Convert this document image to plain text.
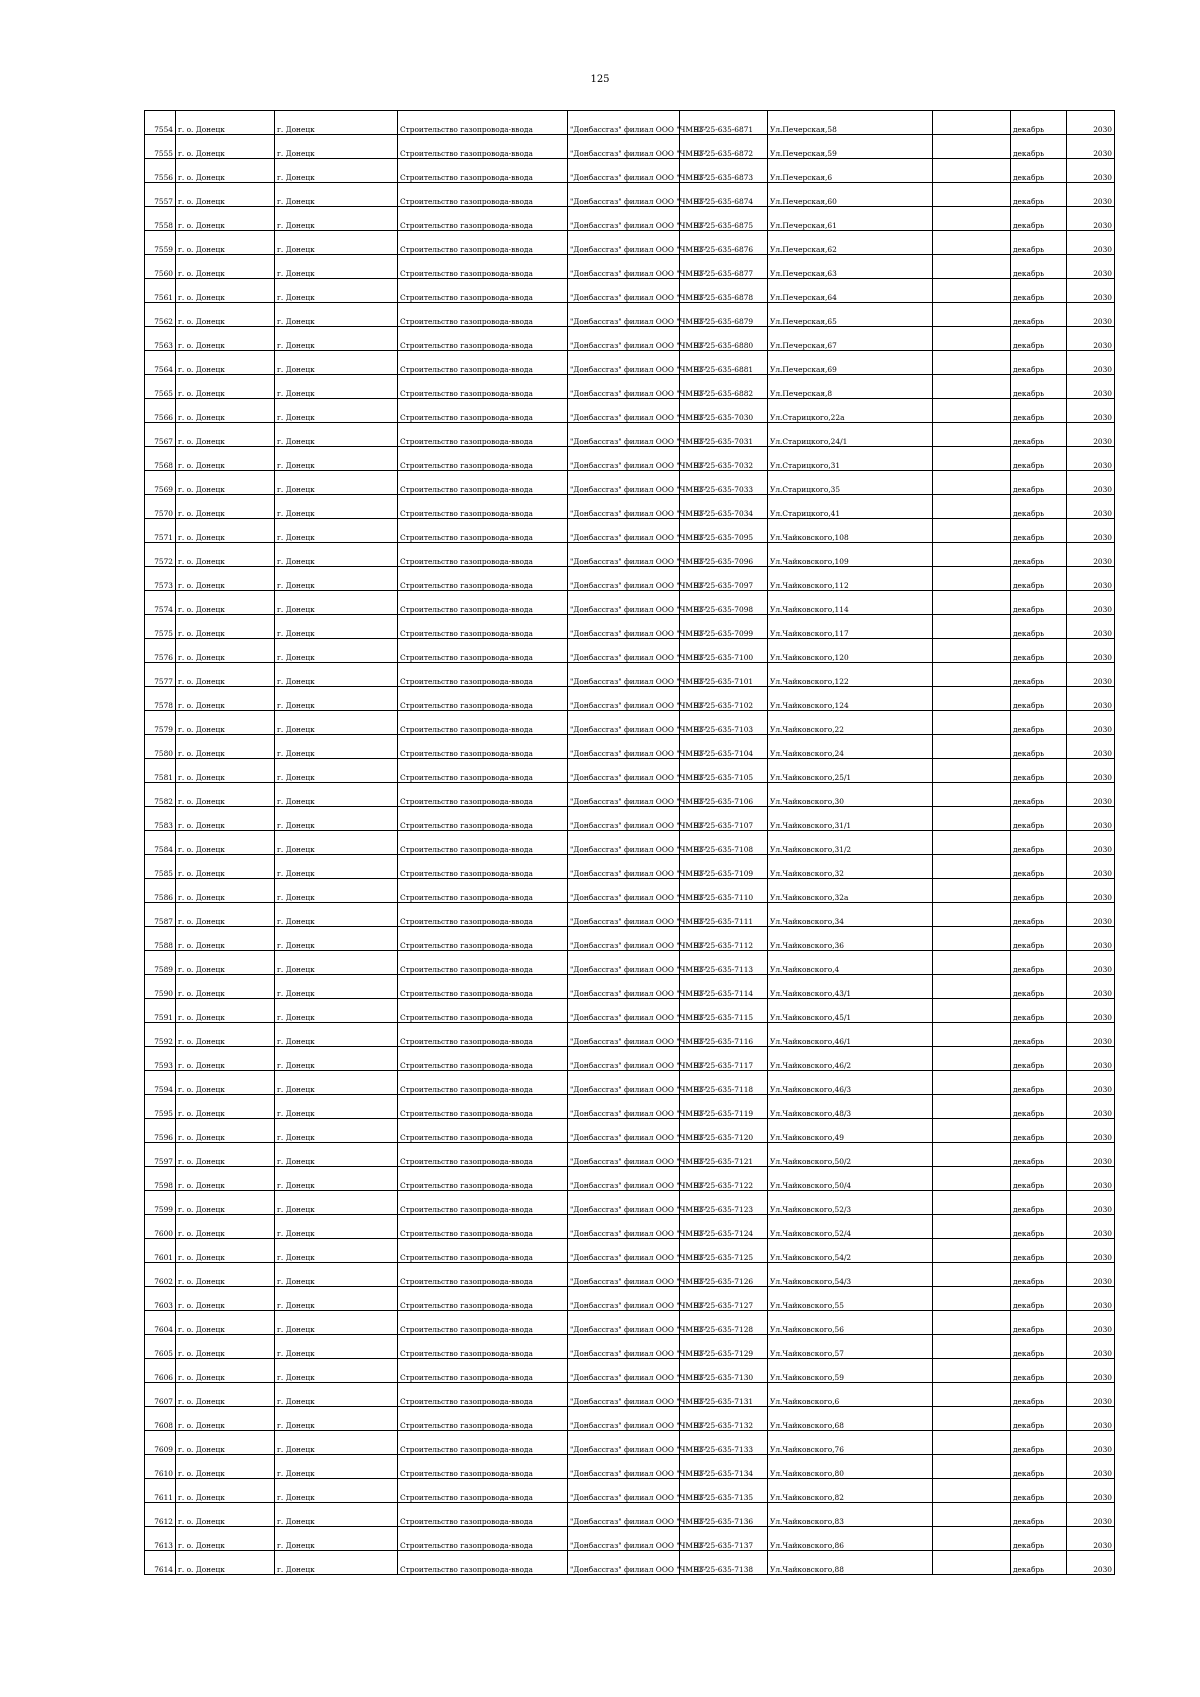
125
7554	г. о. Донецк	г. Донецк	Строительство газопровода-ввода	"Донбассгаз" филиал ООО "ЧМНГ"	93-25-635-6871	Ул.Печерская,58		декабрь	2030
7555	г. о. Донецк	г. Донецк	Строительство газопровода-ввода	"Донбассгаз" филиал ООО "ЧМНГ"	93-25-635-6872	Ул.Печерская,59		декабрь	2030
7556	г. о. Донецк	г. Донецк	Строительство газопровода-ввода	"Донбассгаз" филиал ООО "ЧМНГ"	93-25-635-6873	Ул.Печерская,6		декабрь	2030
7557	г. о. Донецк	г. Донецк	Строительство газопровода-ввода	"Донбассгаз" филиал ООО "ЧМНГ"	93-25-635-6874	Ул.Печерская,60		декабрь	2030
7558	г. о. Донецк	г. Донецк	Строительство газопровода-ввода	"Донбассгаз" филиал ООО "ЧМНГ"	93-25-635-6875	Ул.Печерская,61		декабрь	2030
7559	г. о. Донецк	г. Донецк	Строительство газопровода-ввода	"Донбассгаз" филиал ООО "ЧМНГ"	93-25-635-6876	Ул.Печерская,62		декабрь	2030
7560	г. о. Донецк	г. Донецк	Строительство газопровода-ввода	"Донбассгаз" филиал ООО "ЧМНГ"	93-25-635-6877	Ул.Печерская,63		декабрь	2030
7561	г. о. Донецк	г. Донецк	Строительство газопровода-ввода	"Донбассгаз" филиал ООО "ЧМНГ"	93-25-635-6878	Ул.Печерская,64		декабрь	2030
7562	г. о. Донецк	г. Донецк	Строительство газопровода-ввода	"Донбассгаз" филиал ООО "ЧМНГ"	93-25-635-6879	Ул.Печерская,65		декабрь	2030
7563	г. о. Донецк	г. Донецк	Строительство газопровода-ввода	"Донбассгаз" филиал ООО "ЧМНГ"	93-25-635-6880	Ул.Печерская,67		декабрь	2030
7564	г. о. Донецк	г. Донецк	Строительство газопровода-ввода	"Донбассгаз" филиал ООО "ЧМНГ"	93-25-635-6881	Ул.Печерская,69		декабрь	2030
7565	г. о. Донецк	г. Донецк	Строительство газопровода-ввода	"Донбассгаз" филиал ООО "ЧМНГ"	93-25-635-6882	Ул.Печерская,8		декабрь	2030
7566	г. о. Донецк	г. Донецк	Строительство газопровода-ввода	"Донбассгаз" филиал ООО "ЧМНГ"	93-25-635-7030	Ул.Старицкого,22а		декабрь	2030
7567	г. о. Донецк	г. Донецк	Строительство газопровода-ввода	"Донбассгаз" филиал ООО "ЧМНГ"	93-25-635-7031	Ул.Старицкого,24/1		декабрь	2030
7568	г. о. Донецк	г. Донецк	Строительство газопровода-ввода	"Донбассгаз" филиал ООО "ЧМНГ"	93-25-635-7032	Ул.Старицкого,31		декабрь	2030
7569	г. о. Донецк	г. Донецк	Строительство газопровода-ввода	"Донбассгаз" филиал ООО "ЧМНГ"	93-25-635-7033	Ул.Старицкого,35		декабрь	2030
7570	г. о. Донецк	г. Донецк	Строительство газопровода-ввода	"Донбассгаз" филиал ООО "ЧМНГ"	93-25-635-7034	Ул.Старицкого,41		декабрь	2030
7571	г. о. Донецк	г. Донецк	Строительство газопровода-ввода	"Донбассгаз" филиал ООО "ЧМНГ"	93-25-635-7095	Ул.Чайковского,108		декабрь	2030
7572	г. о. Донецк	г. Донецк	Строительство газопровода-ввода	"Донбассгаз" филиал ООО "ЧМНГ"	93-25-635-7096	Ул.Чайковского,109		декабрь	2030
7573	г. о. Донецк	г. Донецк	Строительство газопровода-ввода	"Донбассгаз" филиал ООО "ЧМНГ"	93-25-635-7097	Ул.Чайковского,112		декабрь	2030
7574	г. о. Донецк	г. Донецк	Строительство газопровода-ввода	"Донбассгаз" филиал ООО "ЧМНГ"	93-25-635-7098	Ул.Чайковского,114		декабрь	2030
7575	г. о. Донецк	г. Донецк	Строительство газопровода-ввода	"Донбассгаз" филиал ООО "ЧМНГ"	93-25-635-7099	Ул.Чайковского,117		декабрь	2030
7576	г. о. Донецк	г. Донецк	Строительство газопровода-ввода	"Донбассгаз" филиал ООО "ЧМНГ"	93-25-635-7100	Ул.Чайковского,120		декабрь	2030
7577	г. о. Донецк	г. Донецк	Строительство газопровода-ввода	"Донбассгаз" филиал ООО "ЧМНГ"	93-25-635-7101	Ул.Чайковского,122		декабрь	2030
7578	г. о. Донецк	г. Донецк	Строительство газопровода-ввода	"Донбассгаз" филиал ООО "ЧМНГ"	93-25-635-7102	Ул.Чайковского,124		декабрь	2030
7579	г. о. Донецк	г. Донецк	Строительство газопровода-ввода	"Донбассгаз" филиал ООО "ЧМНГ"	93-25-635-7103	Ул.Чайковского,22		декабрь	2030
7580	г. о. Донецк	г. Донецк	Строительство газопровода-ввода	"Донбассгаз" филиал ООО "ЧМНГ"	93-25-635-7104	Ул.Чайковского,24		декабрь	2030
7581	г. о. Донецк	г. Донецк	Строительство газопровода-ввода	"Донбассгаз" филиал ООО "ЧМНГ"	93-25-635-7105	Ул.Чайковского,25/1		декабрь	2030
7582	г. о. Донецк	г. Донецк	Строительство газопровода-ввода	"Донбассгаз" филиал ООО "ЧМНГ"	93-25-635-7106	Ул.Чайковского,30		декабрь	2030
7583	г. о. Донецк	г. Донецк	Строительство газопровода-ввода	"Донбассгаз" филиал ООО "ЧМНГ"	93-25-635-7107	Ул.Чайковского,31/1		декабрь	2030
7584	г. о. Донецк	г. Донецк	Строительство газопровода-ввода	"Донбассгаз" филиал ООО "ЧМНГ"	93-25-635-7108	Ул.Чайковского,31/2		декабрь	2030
7585	г. о. Донецк	г. Донецк	Строительство газопровода-ввода	"Донбассгаз" филиал ООО "ЧМНГ"	93-25-635-7109	Ул.Чайковского,32		декабрь	2030
7586	г. о. Донецк	г. Донецк	Строительство газопровода-ввода	"Донбассгаз" филиал ООО "ЧМНГ"	93-25-635-7110	Ул.Чайковского,32а		декабрь	2030
7587	г. о. Донецк	г. Донецк	Строительство газопровода-ввода	"Донбассгаз" филиал ООО "ЧМНГ"	93-25-635-7111	Ул.Чайковского,34		декабрь	2030
7588	г. о. Донецк	г. Донецк	Строительство газопровода-ввода	"Донбассгаз" филиал ООО "ЧМНГ"	93-25-635-7112	Ул.Чайковского,36		декабрь	2030
7589	г. о. Донецк	г. Донецк	Строительство газопровода-ввода	"Донбассгаз" филиал ООО "ЧМНГ"	93-25-635-7113	Ул.Чайковского,4		декабрь	2030
7590	г. о. Донецк	г. Донецк	Строительство газопровода-ввода	"Донбассгаз" филиал ООО "ЧМНГ"	93-25-635-7114	Ул.Чайковского,43/1		декабрь	2030
7591	г. о. Донецк	г. Донецк	Строительство газопровода-ввода	"Донбассгаз" филиал ООО "ЧМНГ"	93-25-635-7115	Ул.Чайковского,45/1		декабрь	2030
7592	г. о. Донецк	г. Донецк	Строительство газопровода-ввода	"Донбассгаз" филиал ООО "ЧМНГ"	93-25-635-7116	Ул.Чайковского,46/1		декабрь	2030
7593	г. о. Донецк	г. Донецк	Строительство газопровода-ввода	"Донбассгаз" филиал ООО "ЧМНГ"	93-25-635-7117	Ул.Чайковского,46/2		декабрь	2030
7594	г. о. Донецк	г. Донецк	Строительство газопровода-ввода	"Донбассгаз" филиал ООО "ЧМНГ"	93-25-635-7118	Ул.Чайковского,46/3		декабрь	2030
7595	г. о. Донецк	г. Донецк	Строительство газопровода-ввода	"Донбассгаз" филиал ООО "ЧМНГ"	93-25-635-7119	Ул.Чайковского,48/3		декабрь	2030
7596	г. о. Донецк	г. Донецк	Строительство газопровода-ввода	"Донбассгаз" филиал ООО "ЧМНГ"	93-25-635-7120	Ул.Чайковского,49		декабрь	2030
7597	г. о. Донецк	г. Донецк	Строительство газопровода-ввода	"Донбассгаз" филиал ООО "ЧМНГ"	93-25-635-7121	Ул.Чайковского,50/2		декабрь	2030
7598	г. о. Донецк	г. Донецк	Строительство газопровода-ввода	"Донбассгаз" филиал ООО "ЧМНГ"	93-25-635-7122	Ул.Чайковского,50/4		декабрь	2030
7599	г. о. Донецк	г. Донецк	Строительство газопровода-ввода	"Донбассгаз" филиал ООО "ЧМНГ"	93-25-635-7123	Ул.Чайковского,52/3		декабрь	2030
7600	г. о. Донецк	г. Донецк	Строительство газопровода-ввода	"Донбассгаз" филиал ООО "ЧМНГ"	93-25-635-7124	Ул.Чайковского,52/4		декабрь	2030
7601	г. о. Донецк	г. Донецк	Строительство газопровода-ввода	"Донбассгаз" филиал ООО "ЧМНГ"	93-25-635-7125	Ул.Чайковского,54/2		декабрь	2030
7602	г. о. Донецк	г. Донецк	Строительство газопровода-ввода	"Донбассгаз" филиал ООО "ЧМНГ"	93-25-635-7126	Ул.Чайковского,54/3		декабрь	2030
7603	г. о. Донецк	г. Донецк	Строительство газопровода-ввода	"Донбассгаз" филиал ООО "ЧМНГ"	93-25-635-7127	Ул.Чайковского,55		декабрь	2030
7604	г. о. Донецк	г. Донецк	Строительство газопровода-ввода	"Донбассгаз" филиал ООО "ЧМНГ"	93-25-635-7128	Ул.Чайковского,56		декабрь	2030
7605	г. о. Донецк	г. Донецк	Строительство газопровода-ввода	"Донбассгаз" филиал ООО "ЧМНГ"	93-25-635-7129	Ул.Чайковского,57		декабрь	2030
7606	г. о. Донецк	г. Донецк	Строительство газопровода-ввода	"Донбассгаз" филиал ООО "ЧМНГ"	93-25-635-7130	Ул.Чайковского,59		декабрь	2030
7607	г. о. Донецк	г. Донецк	Строительство газопровода-ввода	"Донбассгаз" филиал ООО "ЧМНГ"	93-25-635-7131	Ул.Чайковского,6		декабрь	2030
7608	г. о. Донецк	г. Донецк	Строительство газопровода-ввода	"Донбассгаз" филиал ООО "ЧМНГ"	93-25-635-7132	Ул.Чайковского,68		декабрь	2030
7609	г. о. Донецк	г. Донецк	Строительство газопровода-ввода	"Донбассгаз" филиал ООО "ЧМНГ"	93-25-635-7133	Ул.Чайковского,76		декабрь	2030
7610	г. о. Донецк	г. Донецк	Строительство газопровода-ввода	"Донбассгаз" филиал ООО "ЧМНГ"	93-25-635-7134	Ул.Чайковского,80		декабрь	2030
7611	г. о. Донецк	г. Донецк	Строительство газопровода-ввода	"Донбассгаз" филиал ООО "ЧМНГ"	93-25-635-7135	Ул.Чайковского,82		декабрь	2030
7612	г. о. Донецк	г. Донецк	Строительство газопровода-ввода	"Донбассгаз" филиал ООО "ЧМНГ"	93-25-635-7136	Ул.Чайковского,83		декабрь	2030
7613	г. о. Донецк	г. Донецк	Строительство газопровода-ввода	"Донбассгаз" филиал ООО "ЧМНГ"	93-25-635-7137	Ул.Чайковского,86		декабрь	2030
7614	г. о. Донецк	г. Донецк	Строительство газопровода-ввода	"Донбассгаз" филиал ООО "ЧМНГ"	93-25-635-7138	Ул.Чайковского,88		декабрь	2030
